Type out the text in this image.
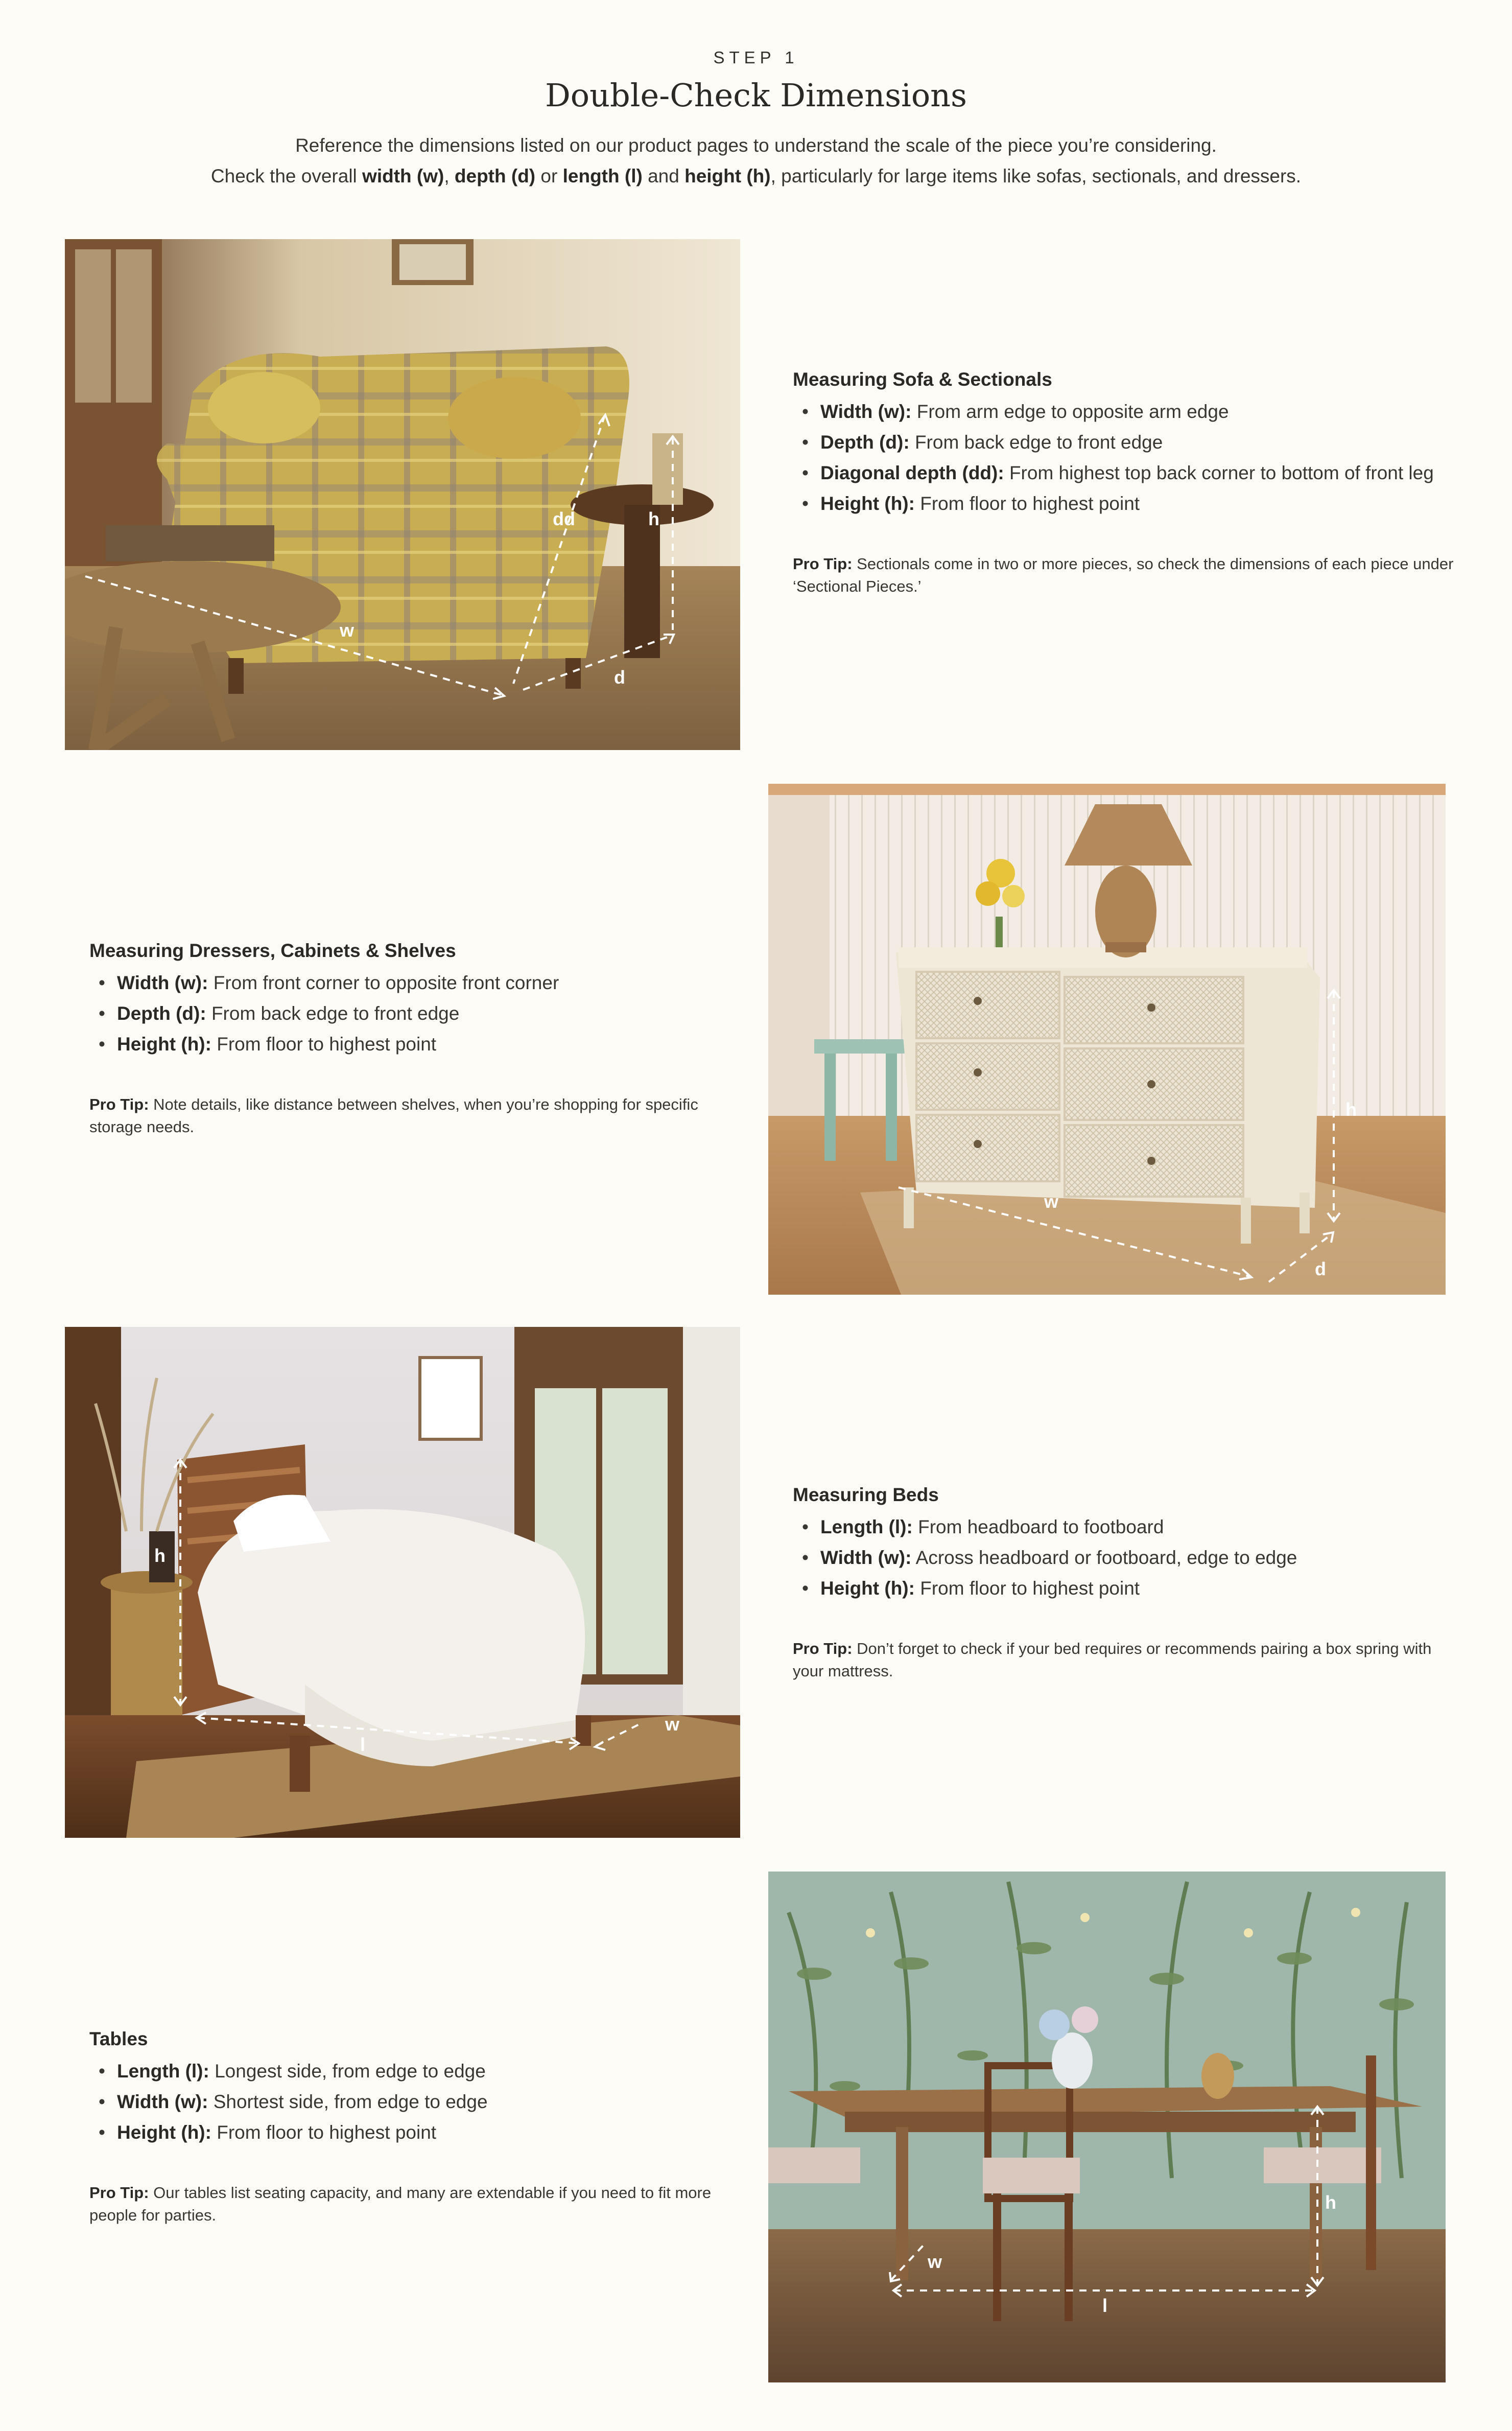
STEP 1
Double-Check Dimensions
Reference the dimensions listed on our product pages to understand the scale of the piece you’re considering.
Check the overall width (w), depth (d) or length (l) and height (h), particularly for large items like sofas, sectionals, and dressers.
w
d
dd	h
Measuring Sofa & Sectionals
• Width (w): From arm edge to opposite arm edge
• Depth (d): From back edge to front edge
• Diagonal depth (dd): From highest top back corner to bottom of front leg
• Height (h): From floor to highest point
Pro Tip: Sectionals come in two or more pieces, so check the dimensions of each piece under ‘Sectional Pieces.’
Measuring Dressers, Cabinets & Shelves
• Width (w): From front corner to opposite front corner
• Depth (d): From back edge to front edge
• Height (h): From floor to highest point
Pro Tip: Note details, like distance between shelves, when you’re shopping for specific storage needs.
w
d
h
h
l
w
Measuring Beds
• Length (l): From headboard to footboard
• Width (w): Across headboard or footboard, edge to edge
• Height (h): From floor to highest point
Pro Tip: Don’t forget to check if your bed requires or recommends pairing a box spring with your mattress.
Tables
• Length (l): Longest side, from edge to edge
• Width (w): Shortest side, from edge to edge
• Height (h): From floor to highest point
Pro Tip: Our tables list seating capacity, and many are extendable if you need to fit more people for parties.
l
w
h
